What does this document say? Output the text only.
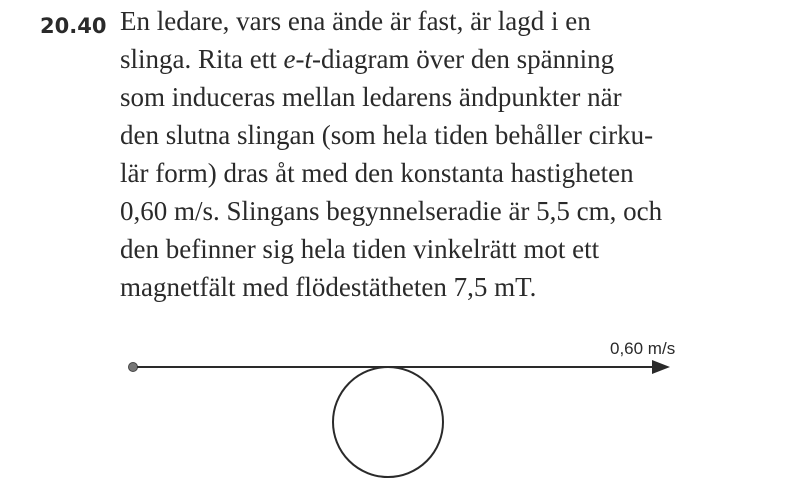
20.40 En ledare, vars ena ände är fast, är lagd i en
slinga. Rita ett e-t-diagram över den spänning
som induceras mellan ledarens ändpunkter när
den slutna slingan (som hela tiden behåller cirku-
lär form) dras åt med den konstanta hastigheten
0,60 m/s. Slingans begynnelseradie är 5,5 cm, och
den befinner sig hela tiden vinkelrätt mot ett
magnetfält med flödestätheten 7,5 mT.
0,60 m/s
